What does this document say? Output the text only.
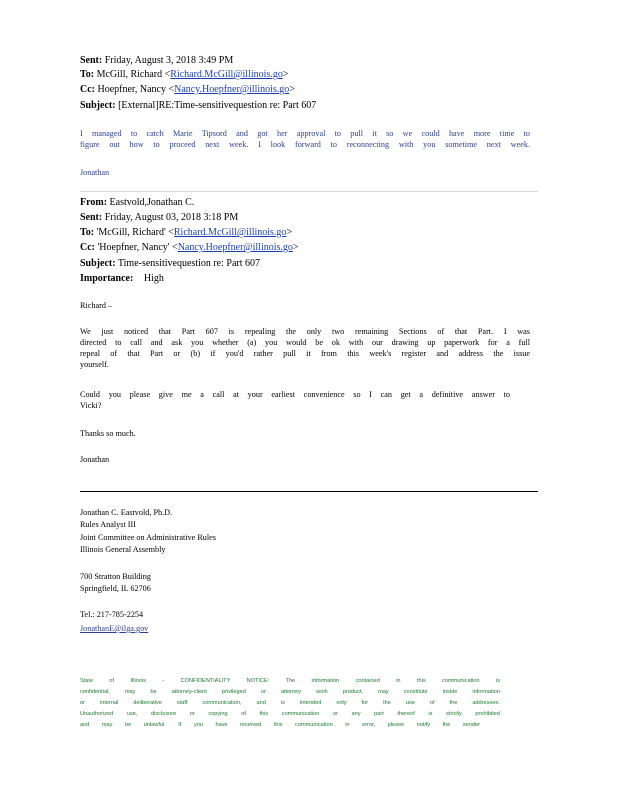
Sent: Friday, August 3, 2018 3:49 PM
To: McGill, Richard <Richard.McGill@illinois.go>
Cc: Hoepfner, Nancy <Nancy.Hoepfner@illinois.go>
Subject: [External]RE:Time-sensitivequestion re: Part 607

I managed to catch Marie Tipsord and got her approval to pull it so we could have more time to

figure out how to proceed next week. I look forward to reconnecting with you sometime next week.

Jonathan
From: Eastvold,Jonathan C.
Sent: Friday, August 03, 2018 3:18 PM
To: 'McGill, Richard' <Richard.McGill@illinois.go>
Cc: 'Hoepfner, Nancy' <Nancy.Hoepfner@illinois.go>
Subject: Time-sensitivequestion re: Part 607
Importance: High
Richard –

We just noticed that Part 607 is repealing the only two remaining Sections of that Part. I was

directed to call and ask you whether (a) you would be ok with our drawing up paperwork for a full

repeal of that Part or (b) if you'd rather pull it from this week's register and address the issue

yourself.

Could you please give me a call at your earliest convenience so I can get a definitive answer to

Vicki?

Thanks so much.
Jonathan
Jonathan C. Eastvold, Ph.D.
Rules Analyst III
Joint Committee on Administrative Rules
Illinois General Assembly
700 Stratton Building
Springfield, IL 62706
Tel.: 217-785-2254
JonathanE@ilga.gov
State of Illinois - CONFIDENTIALITY NOTICE: The information contained in this communication is
confidential, may be attorney-client privileged or attorney work product, may constitute inside information
or internal deliberative staff communication, and is intended only for the use of the addressee.
Unauthorized use, disclosure or copying of this communication or any part thereof is strictly prohibited
and may be unlawful. If you have received this communication in error, please notify the sender
